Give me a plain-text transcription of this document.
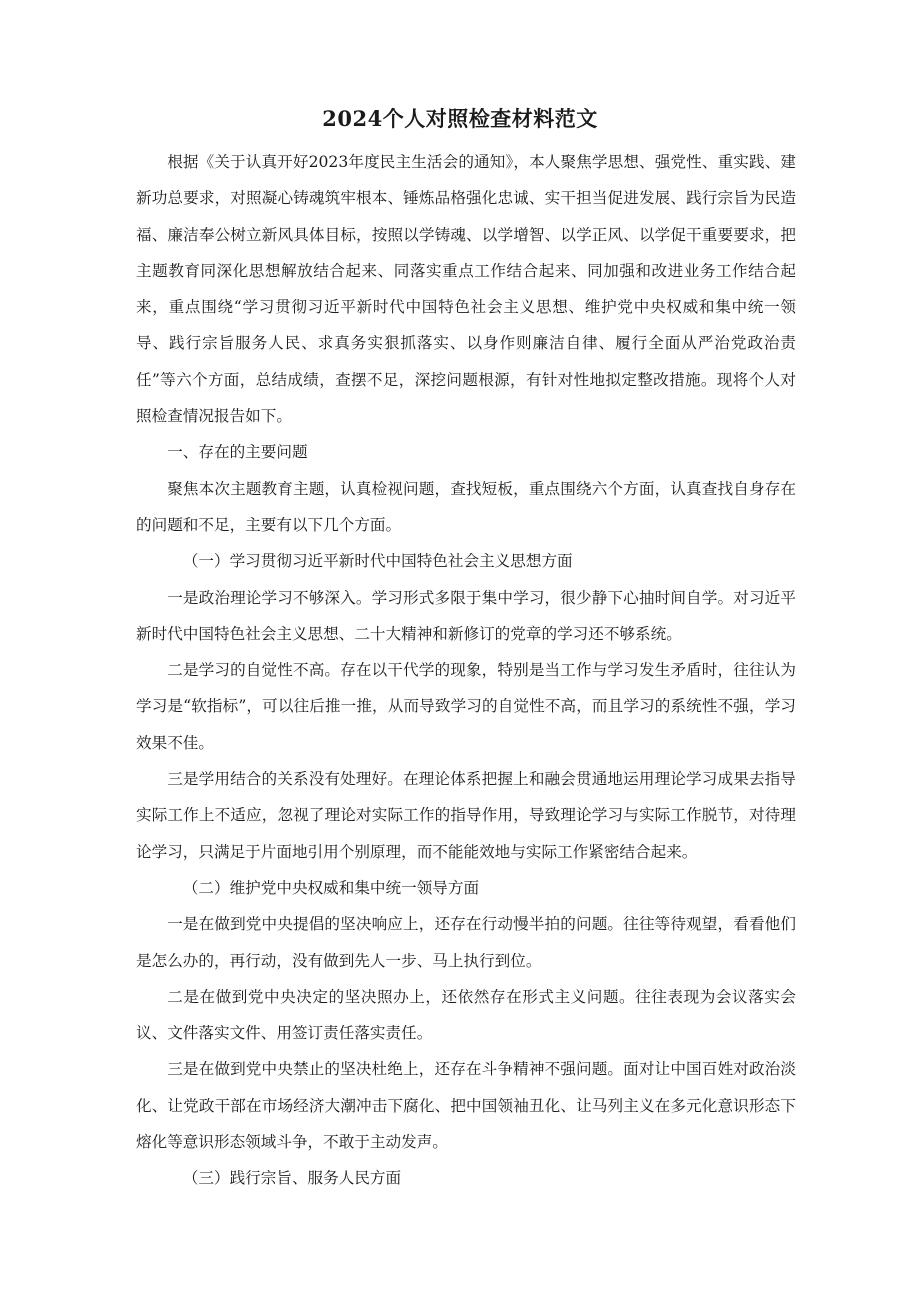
2024个人对照检查材料范文

根据《关于认真开好2023年度民主生活会的通知》，本人聚焦学思想、强党性、重实践、建新功总要求，对照凝心铸魂筑牢根本、锤炼品格强化忠诚、实干担当促进发展、践行宗旨为民造福、廉洁奉公树立新风具体目标，按照以学铸魂、以学增智、以学正风、以学促干重要要求，把主题教育同深化思想解放结合起来、同落实重点工作结合起来、同加强和改进业务工作结合起来，重点围绕“学习贯彻习近平新时代中国特色社会主义思想、维护党中央权威和集中统一领导、践行宗旨服务人民、求真务实狠抓落实、以身作则廉洁自律、履行全面从严治党政治责任”等六个方面，总结成绩，查摆不足，深挖问题根源，有针对性地拟定整改措施。现将个人对照检查情况报告如下。

一、存在的主要问题

聚焦本次主题教育主题，认真检视问题，查找短板，重点围绕六个方面，认真查找自身存在的问题和不足，主要有以下几个方面。

（一）学习贯彻习近平新时代中国特色社会主义思想方面

一是政治理论学习不够深入。学习形式多限于集中学习，很少静下心抽时间自学。对习近平新时代中国特色社会主义思想、二十大精神和新修订的党章的学习还不够系统。

二是学习的自觉性不高。存在以干代学的现象，特别是当工作与学习发生矛盾时，往往认为学习是“软指标”，可以往后推一推，从而导致学习的自觉性不高，而且学习的系统性不强，学习效果不佳。

三是学用结合的关系没有处理好。在理论体系把握上和融会贯通地运用理论学习成果去指导实际工作上不适应，忽视了理论对实际工作的指导作用，导致理论学习与实际工作脱节，对待理论学习，只满足于片面地引用个别原理，而不能能效地与实际工作紧密结合起来。

（二）维护党中央权威和集中统一领导方面

一是在做到党中央提倡的坚决响应上，还存在行动慢半拍的问题。往往等待观望，看看他们是怎么办的，再行动，没有做到先人一步、马上执行到位。

二是在做到党中央决定的坚决照办上，还依然存在形式主义问题。往往表现为会议落实会议、文件落实文件、用签订责任落实责任。

三是在做到党中央禁止的坚决杜绝上，还存在斗争精神不强问题。面对让中国百姓对政治淡化、让党政干部在市场经济大潮冲击下腐化、把中国领袖丑化、让马列主义在多元化意识形态下熔化等意识形态领域斗争，不敢于主动发声。

（三）践行宗旨、服务人民方面
